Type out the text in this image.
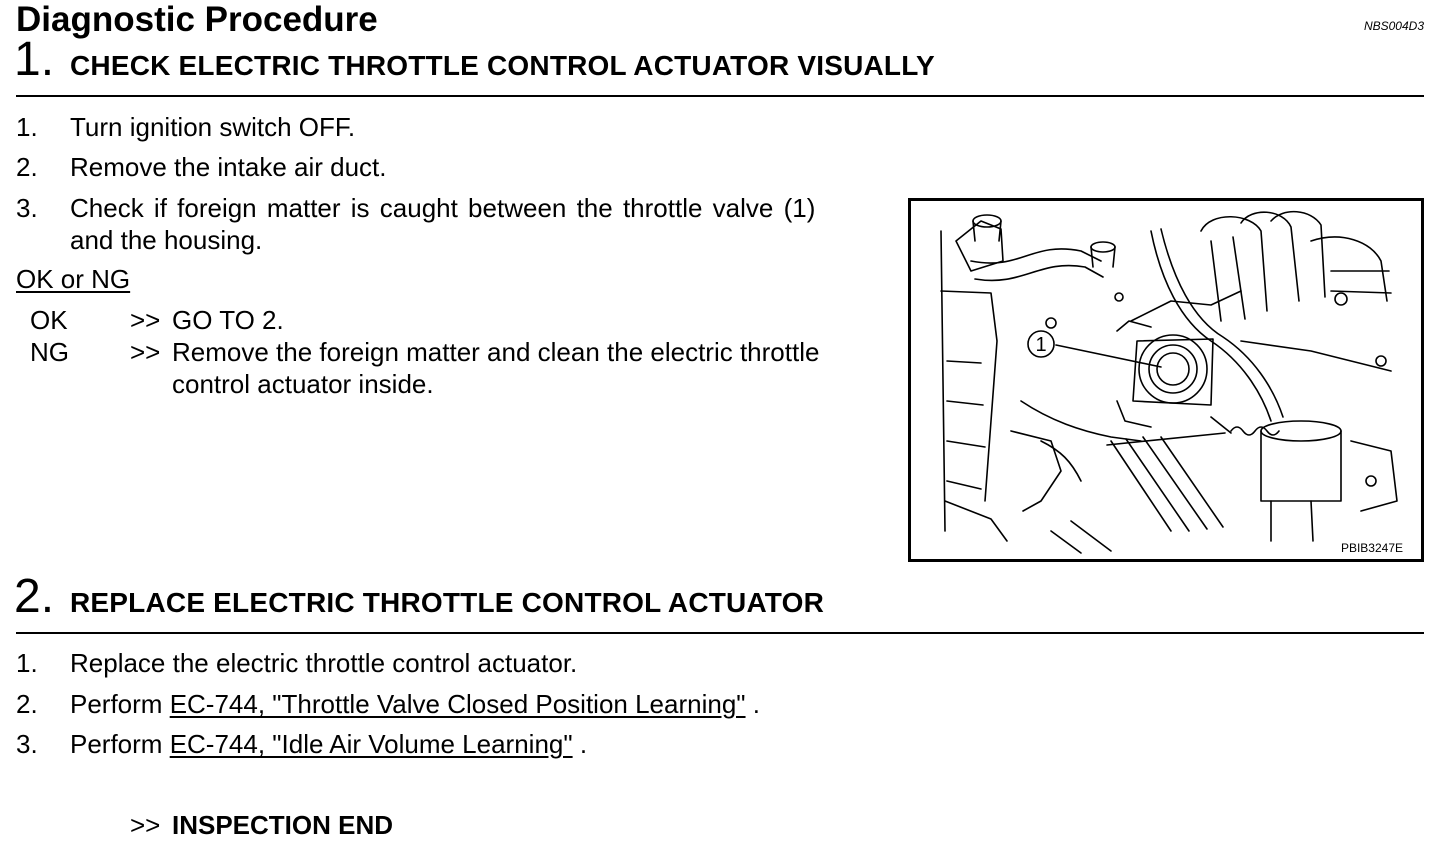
Diagnostic Procedure	NBS004D3
1. CHECK ELECTRIC THROTTLE CONTROL ACTUATOR VISUALLY
1. Turn ignition switch OFF.
2. Remove the intake air duct.
3. Check if foreign matter is caught between the throttle valve (1)
and the housing.
OK or NG
OK >> GO TO 2.
NG >> Remove the foreign matter and clean the electric throttle
control actuator inside.
1
PBIB3247E
2. REPLACE ELECTRIC THROTTLE CONTROL ACTUATOR
1. Replace the electric throttle control actuator.
2. Perform EC-744, "Throttle Valve Closed Position Learning" .
3. Perform EC-744, "Idle Air Volume Learning" .
>> INSPECTION END
